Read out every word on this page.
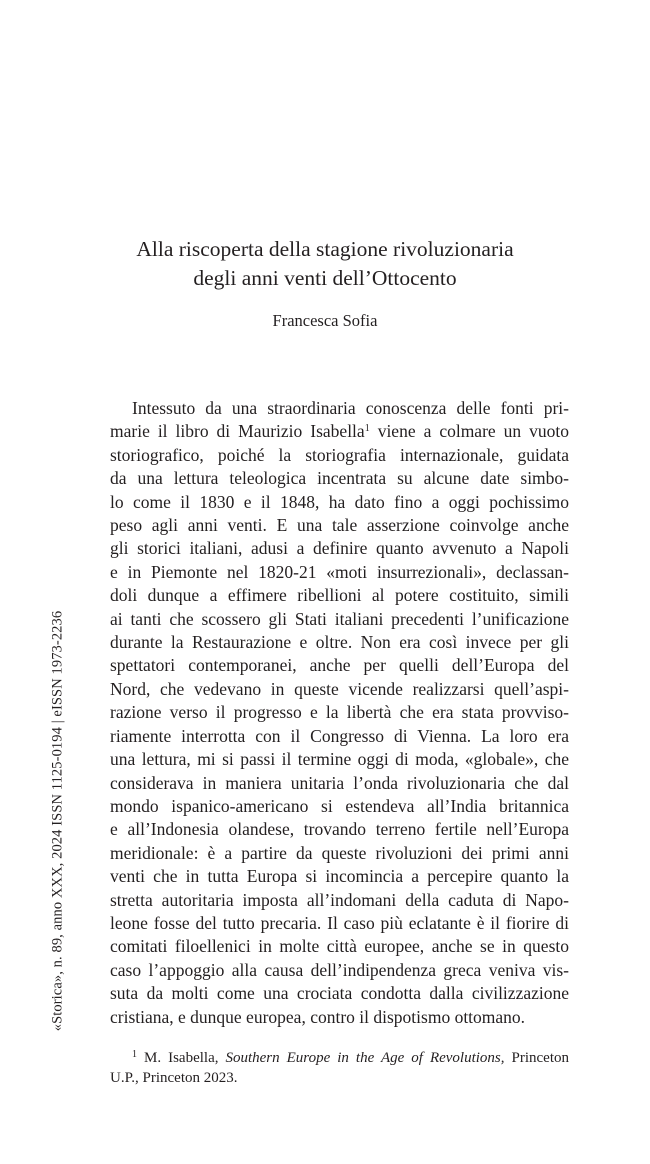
«Storica», n. 89, anno XXX, 2024 ISSN 1125-0194 | eISSN 1973-2236
Alla riscoperta della stagione rivoluzionaria
degli anni venti dell’Ottocento
Francesca Sofia
Intessuto da una straordinaria conoscenza delle fonti pri-
marie il libro di Maurizio Isabella$^1$ viene a colmare un vuoto
storiografico, poiché la storiografia internazionale, guidata
da una lettura teleologica incentrata su alcune date simbo-
lo come il 1830 e il 1848, ha dato fino a oggi pochissimo
peso agli anni venti. E una tale asserzione coinvolge anche
gli storici italiani, adusi a definire quanto avvenuto a Napoli
e in Piemonte nel 1820-21 «moti insurrezionali», declassan-
doli dunque a effimere ribellioni al potere costituito, simili
ai tanti che scossero gli Stati italiani precedenti l’unificazione
durante la Restaurazione e oltre. Non era così invece per gli
spettatori contemporanei, anche per quelli dell’Europa del
Nord, che vedevano in queste vicende realizzarsi quell’aspi-
razione verso il progresso e la libertà che era stata provviso-
riamente interrotta con il Congresso di Vienna. La loro era
una lettura, mi si passi il termine oggi di moda, «globale», che
considerava in maniera unitaria l’onda rivoluzionaria che dal
mondo ispanico-americano si estendeva all’India britannica
e all’Indonesia olandese, trovando terreno fertile nell’Europa
meridionale: è a partire da queste rivoluzioni dei primi anni
venti che in tutta Europa si incomincia a percepire quanto la
stretta autoritaria imposta all’indomani della caduta di Napo-
leone fosse del tutto precaria. Il caso più eclatante è il fiorire di
comitati filoellenici in molte città europee, anche se in questo
caso l’appoggio alla causa dell’indipendenza greca veniva vis-
suta da molti come una crociata condotta dalla civilizzazione
cristiana, e dunque europea, contro il dispotismo ottomano.
$^1$ M. Isabella, Southern Europe in the Age of Revolutions, Princeton
U.P., Princeton 2023.
